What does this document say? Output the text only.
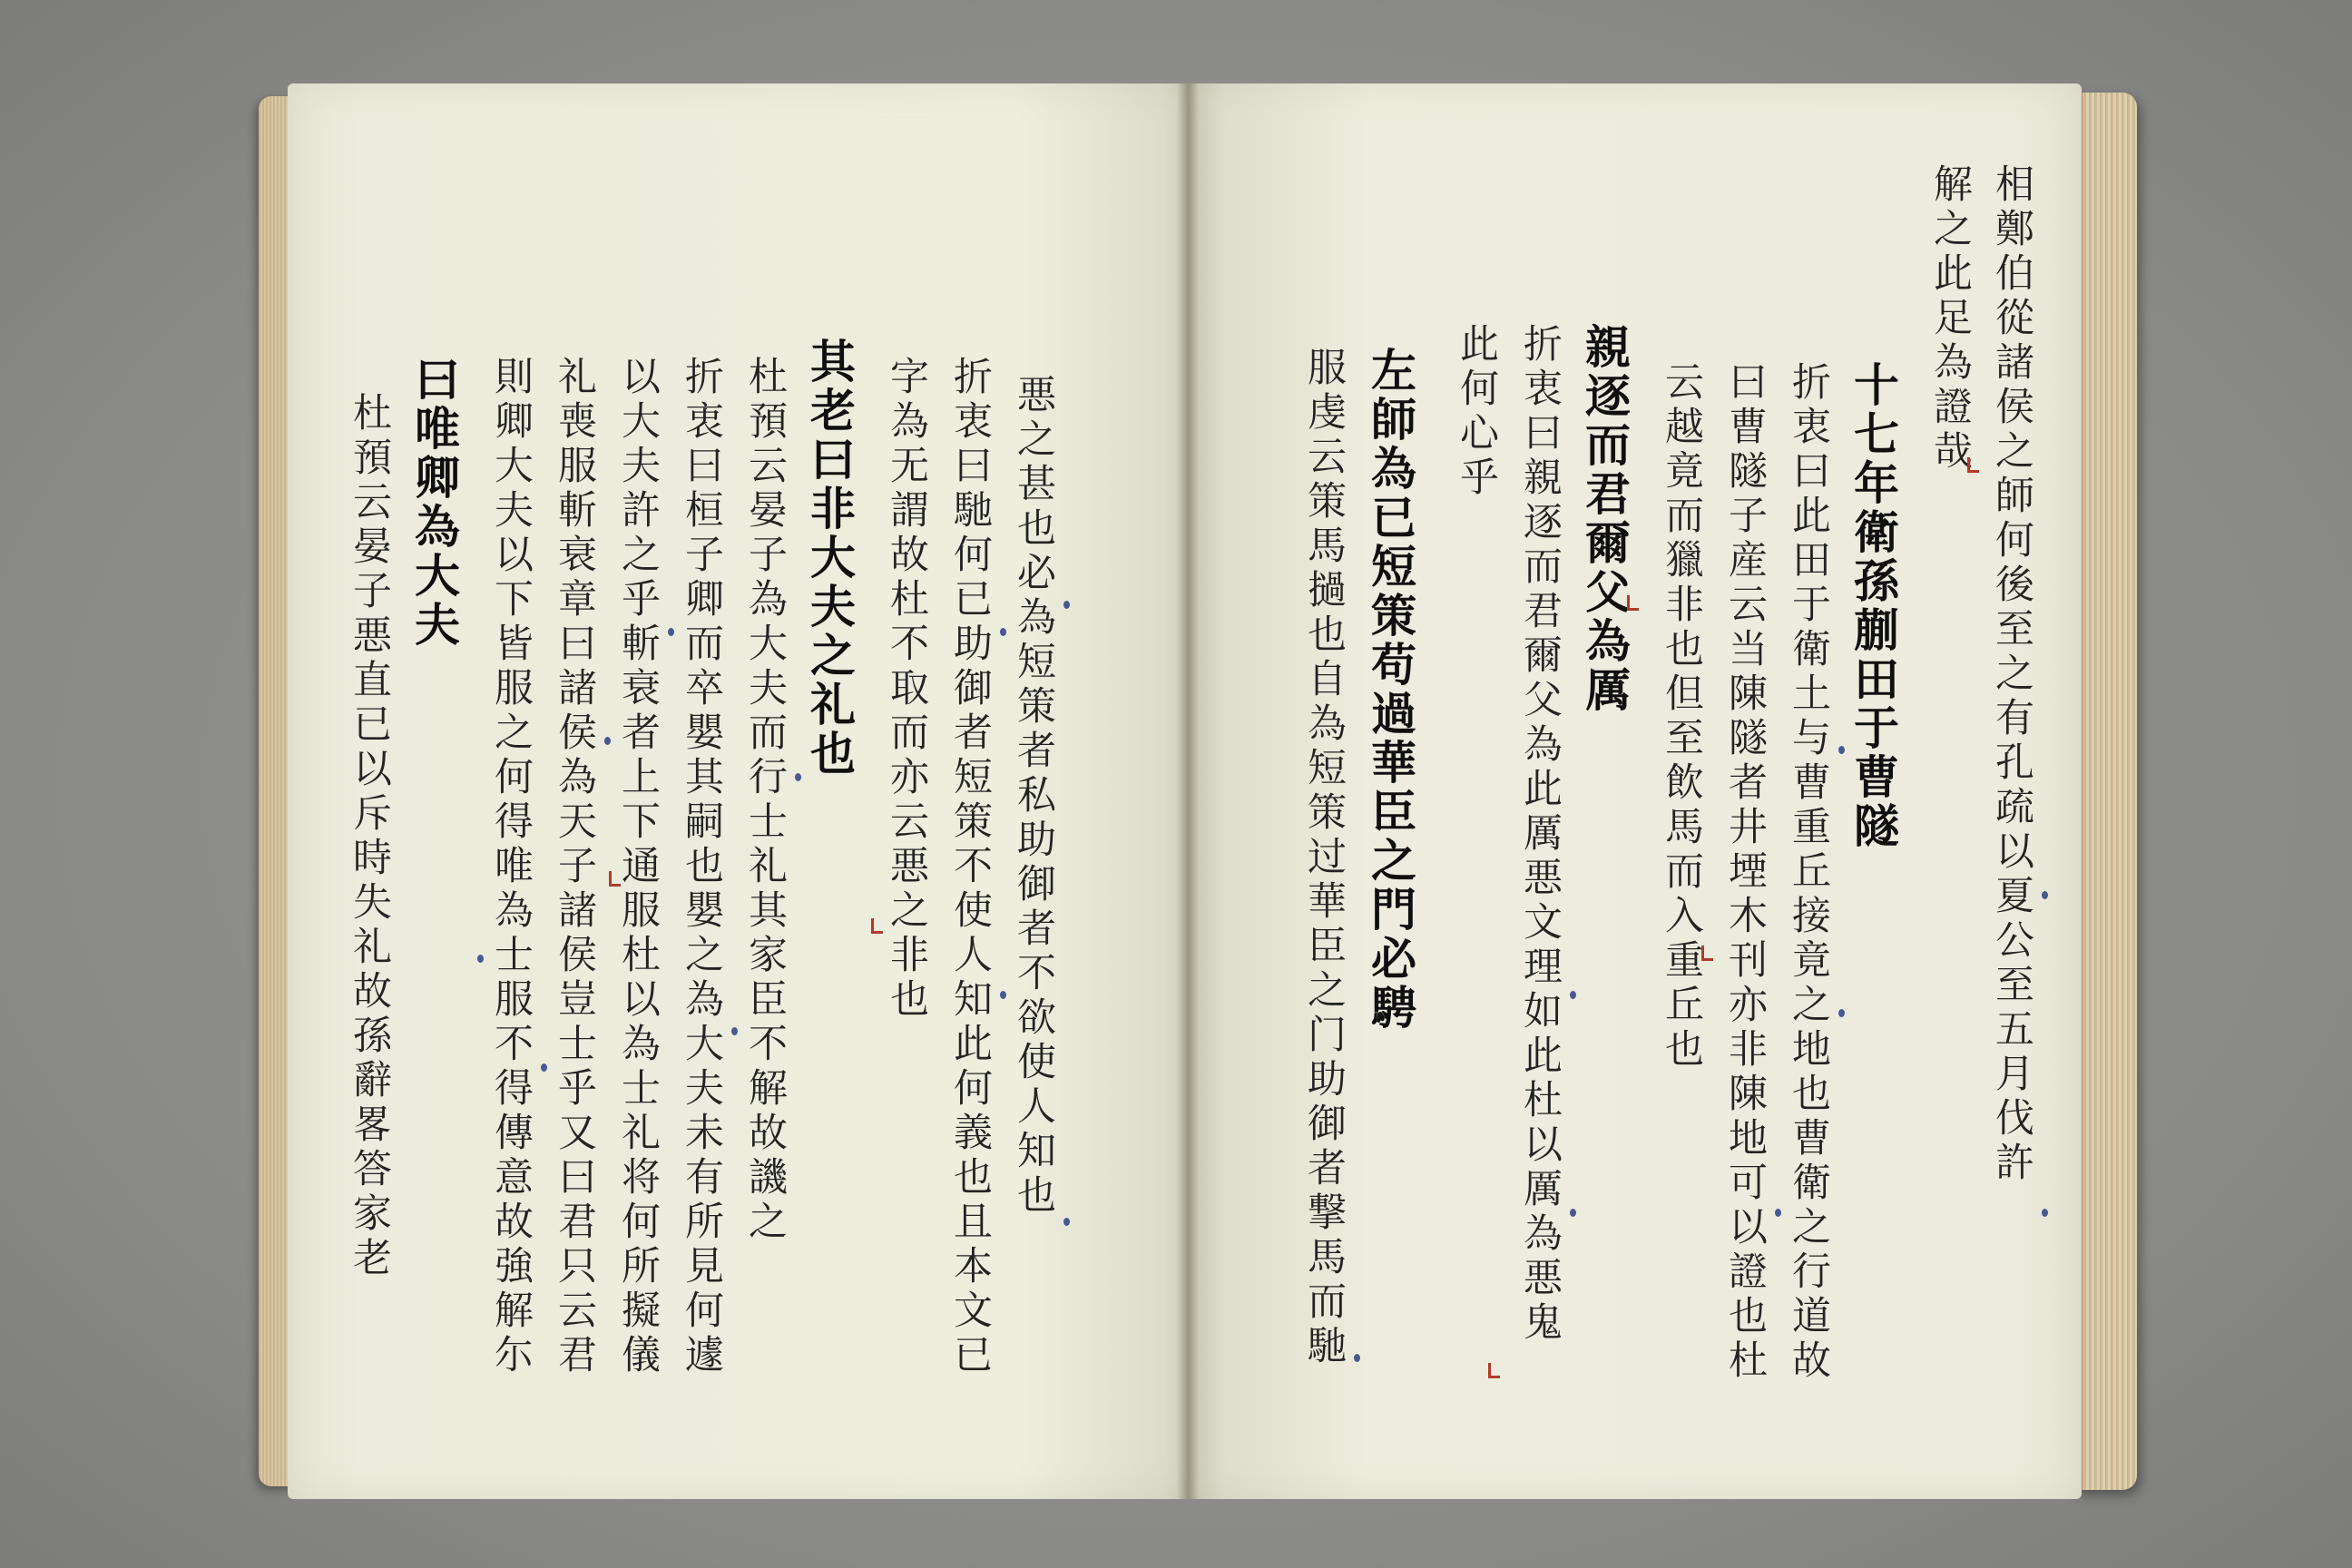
相鄭伯從諸侯之師何後至之有孔疏以夏公至五月伐許
解之此足為證哉
十七年衛孫蒯田于曹隧
折衷曰此田于衛土与曹重丘接竟之地也曹衛之行道故
曰曹隧子産云当陳隧者井堙木刊亦非陳地可以證也杜
云越竟而獵非也但至飲馬而入重丘也
親逐而君爾父為厲
折衷曰親逐而君爾父為此厲悪文理如此杜以厲為悪鬼
此何心乎
左師為已短策苟過華臣之門必騁
服虔云策馬撾也自為短策过華臣之门助御者撃馬而馳
悪之甚也必為短策者私助御者不欲使人知也
折衷曰馳何已助御者短策不使人知此何義也且本文已
字為无謂故杜不取而亦云悪之非也
其老曰非大夫之礼也
杜預云晏子為大夫而行士礼其家臣不解故譏之
折衷曰桓子卿而卒嬰其嗣也嬰之為大夫未有所見何遽
以大夫許之乎斬衰者上下通服杜以為士礼将何所擬儀
礼喪服斬衰章曰諸侯為天子諸侯豈士乎又曰君只云君
則卿大夫以下皆服之何得唯為士服不得傳意故強解尓
曰唯卿為大夫
杜預云晏子悪直已以斥時失礼故孫辭畧答家老
